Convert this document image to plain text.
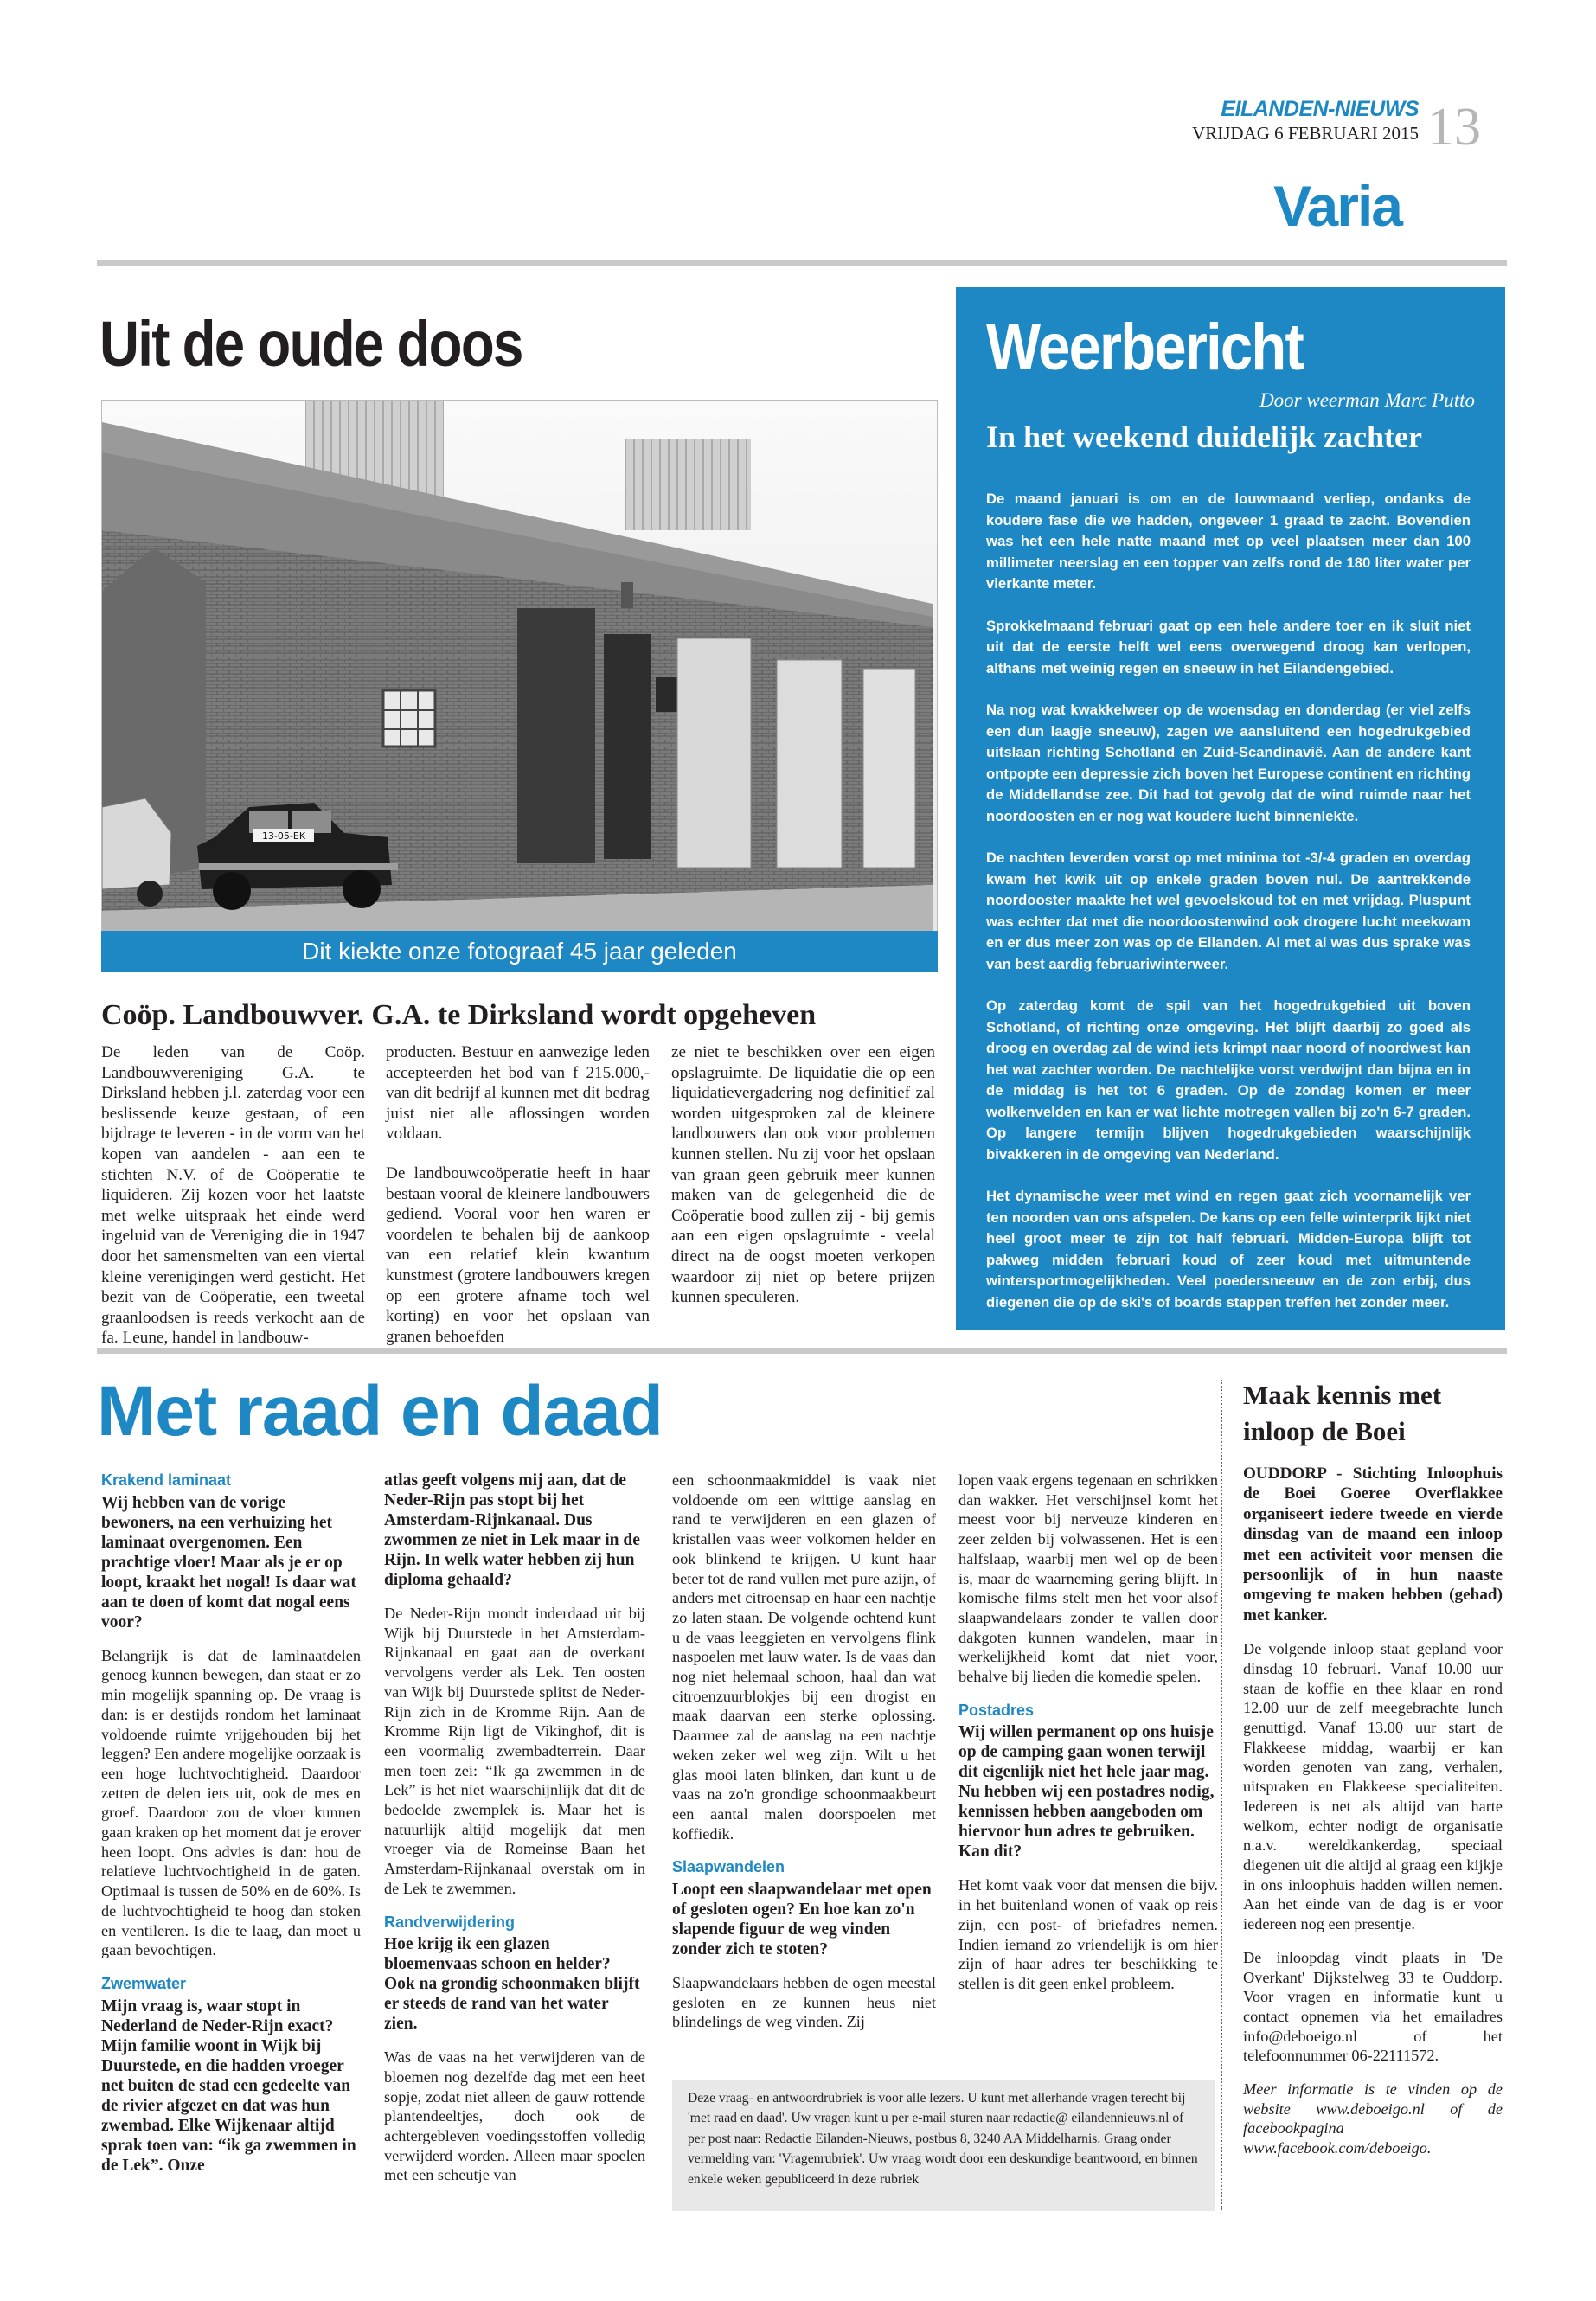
EILANDEN-NIEUWS
VRIJDAG 6 FEBRUARI 2015 13
Varia
Uit de oude doos
13-05-EK
Dit kiekte onze fotograaf 45 jaar geleden
Coöp. Landbouwver. G.A. te Dirksland wordt opgeheven

De leden van de Coöp. Landbouwvereniging G.A. te Dirksland hebben j.l. zaterdag voor een beslissende keuze gestaan, of een bijdrage te leveren - in de vorm van het kopen van aandelen - aan een te stichten N.V. of de Coöperatie te liquideren. Zij kozen voor het laatste met welke uitspraak het einde werd ingeluid van de Vereniging die in 1947 door het samensmelten van een viertal kleine verenigingen werd gesticht. Het bezit van de Coöperatie, een tweetal graanloodsen is reeds verkocht aan de fa. Leune, handel in landbouw-

producten. Bestuur en aanwezige leden accepteerden het bod van f 215.000,- van dit bedrijf al kunnen met dit bedrag juist niet alle aflossingen worden voldaan.

De landbouwcoöperatie heeft in haar bestaan vooral de kleinere landbouwers gediend. Vooral voor hen waren er voordelen te behalen bij de aankoop van een relatief klein kwantum kunstmest (grotere landbouwers kregen op een grotere afname toch wel korting) en voor het opslaan van granen behoefden

ze niet te beschikken over een eigen opslagruimte. De liquidatie die op een liquidatievergadering nog definitief zal worden uitgesproken zal de kleinere landbouwers dan ook voor problemen kunnen stellen. Nu zij voor het opslaan van graan geen gebruik meer kunnen maken van de gelegenheid die de Coöperatie bood zullen zij - bij gemis aan een eigen opslagruimte - veelal direct na de oogst moeten verkopen waardoor zij niet op betere prijzen kunnen speculeren.

Weerbericht
Door weerman Marc Putto
In het weekend duidelijk zachter

De maand januari is om en de louwmaand verliep, ondanks de koudere fase die we hadden, ongeveer 1 graad te zacht. Bovendien was het een hele natte maand met op veel plaatsen meer dan 100 millimeter neerslag en een topper van zelfs rond de 180 liter water per vierkante meter.

Sprokkelmaand februari gaat op een hele andere toer en ik sluit niet uit dat de eerste helft wel eens overwegend droog kan verlopen, althans met weinig regen en sneeuw in het Eilandengebied.

Na nog wat kwakkelweer op de woensdag en donderdag (er viel zelfs een dun laagje sneeuw), zagen we aansluitend een hogedrukgebied uitslaan richting Schotland en Zuid-Scandinavië. Aan de andere kant ontpopte een depressie zich boven het Europese continent en richting de Middellandse zee. Dit had tot gevolg dat de wind ruimde naar het noordoosten en er nog wat koudere lucht binnenlekte.

De nachten leverden vorst op met minima tot -3/-4 graden en overdag kwam het kwik uit op enkele graden boven nul. De aantrekkende noordooster maakte het wel gevoelskoud tot en met vrijdag. Pluspunt was echter dat met die noordoostenwind ook drogere lucht meekwam en er dus meer zon was op de Eilanden. Al met al was dus sprake was van best aardig februariwinterweer.

Op zaterdag komt de spil van het hogedrukgebied uit boven Schotland, of richting onze omgeving. Het blijft daarbij zo goed als droog en overdag zal de wind iets krimpt naar noord of noordwest kan het wat zachter worden. De nachtelijke vorst verdwijnt dan bijna en in de middag is het tot 6 graden. Op de zondag komen er meer wolkenvelden en kan er wat lichte motregen vallen bij zo'n 6-7 graden. Op langere termijn blijven hogedrukgebieden waarschijnlijk bivakkeren in de omgeving van Nederland.

Het dynamische weer met wind en regen gaat zich voornamelijk ver ten noorden van ons afspelen. De kans op een felle winterprik lijkt niet heel groot meer te zijn tot half februari. Midden-Europa blijft tot pakweg midden februari koud of zeer koud met uitmuntende wintersportmogelijkheden. Veel poedersneeuw en de zon erbij, dus diegenen die op de ski's of boards stappen treffen het zonder meer.

Met raad en daad

Krakend laminaat

Wij hebben van de vorige bewoners, na een verhuizing het laminaat overgenomen. Een prachtige vloer! Maar als je er op loopt, kraakt het nogal! Is daar wat aan te doen of komt dat nogal eens voor?

Belangrijk is dat de laminaatdelen genoeg kunnen bewegen, dan staat er zo min mogelijk spanning op. De vraag is dan: is er destijds rondom het laminaat voldoende ruimte vrijgehouden bij het leggen? Een andere mogelijke oorzaak is een hoge luchtvochtigheid. Daardoor zetten de delen iets uit, ook de mes en groef. Daardoor zou de vloer kunnen gaan kraken op het moment dat je erover heen loopt. Ons advies is dan: hou de relatieve luchtvochtigheid in de gaten. Optimaal is tussen de 50% en de 60%. Is de luchtvochtigheid te hoog dan stoken en ventileren. Is die te laag, dan moet u gaan bevochtigen.

Zwemwater

Mijn vraag is, waar stopt in Nederland de Neder-Rijn exact? Mijn familie woont in Wijk bij Duurstede, en die hadden vroeger net buiten de stad een gedeelte van de rivier afgezet en dat was hun zwembad. Elke Wijkenaar altijd sprak toen van: “ik ga zwemmen in de Lek”. Onze

atlas geeft volgens mij aan, dat de Neder-Rijn pas stopt bij het Amsterdam-Rijnkanaal. Dus zwommen ze niet in Lek maar in de Rijn. In welk water hebben zij hun diploma gehaald?

De Neder-Rijn mondt inderdaad uit bij Wijk bij Duurstede in het Amsterdam-Rijnkanaal en gaat aan de overkant vervolgens verder als Lek. Ten oosten van Wijk bij Duurstede splitst de Neder-Rijn zich in de Kromme Rijn. Aan de Kromme Rijn ligt de Vikinghof, dit is een voormalig zwembadterrein. Daar men toen zei: “Ik ga zwemmen in de Lek” is het niet waarschijnlijk dat dit de bedoelde zwemplek is. Maar het is natuurlijk altijd mogelijk dat men vroeger via de Romeinse Baan het Amsterdam-Rijnkanaal overstak om in de Lek te zwemmen.

Randverwijdering

Hoe krijg ik een glazen bloemenvaas schoon en helder? Ook na grondig schoonmaken blijft er steeds de rand van het water zien.

Was de vaas na het verwijderen van de bloemen nog dezelfde dag met een heet sopje, zodat niet alleen de gauw rottende plantendeeltjes, doch ook de achtergebleven voedingsstoffen volledig verwijderd worden. Alleen maar spoelen met een scheutje van

een schoonmaakmiddel is vaak niet voldoende om een wittige aanslag en rand te verwijderen en een glazen of kristallen vaas weer volkomen helder en ook blinkend te krijgen. U kunt haar beter tot de rand vullen met pure azijn, of anders met citroensap en haar een nachtje zo laten staan. De volgende ochtend kunt u de vaas leeggieten en vervolgens flink naspoelen met lauw water. Is de vaas dan nog niet helemaal schoon, haal dan wat citroenzuurblokjes bij een drogist en maak daarvan een sterke oplossing. Daarmee zal de aanslag na een nachtje weken zeker wel weg zijn. Wilt u het glas mooi laten blinken, dan kunt u de vaas na zo'n grondige schoonmaakbeurt een aantal malen doorspoelen met koffiedik.

Slaapwandelen

Loopt een slaapwandelaar met open of gesloten ogen? En hoe kan zo'n slapende figuur de weg vinden zonder zich te stoten?

Slaapwandelaars hebben de ogen meestal gesloten en ze kunnen heus niet blindelings de weg vinden. Zij

lopen vaak ergens tegenaan en schrikken dan wakker. Het verschijnsel komt het meest voor bij nerveuze kinderen en zeer zelden bij volwassenen. Het is een halfslaap, waarbij men wel op de been is, maar de waarneming gering blijft. In komische films stelt men het voor alsof slaapwandelaars zonder te vallen door dakgoten kunnen wandelen, maar in werkelijkheid komt dat niet voor, behalve bij lieden die komedie spelen.

Postadres

Wij willen permanent op ons huisje op de camping gaan wonen terwijl dit eigenlijk niet het hele jaar mag. Nu hebben wij een postadres nodig, kennissen hebben aangeboden om hiervoor hun adres te gebruiken. Kan dit?

Het komt vaak voor dat mensen die bijv. in het buitenland wonen of vaak op reis zijn, een post- of briefadres nemen. Indien iemand zo vriendelijk is om hier zijn of haar adres ter beschikking te stellen is dit geen enkel probleem.

Deze vraag- en antwoordrubriek is voor alle lezers. U kunt met allerhande vragen terecht bij 'met raad en daad'. Uw vragen kunt u per e-mail sturen naar redactie@ eilandennieuws.nl of per post naar: Redactie Eilanden-Nieuws, postbus 8, 3240 AA Middelharnis. Graag onder vermelding van: 'Vragenrubriek'. Uw vraag wordt door een deskundige beantwoord, en binnen enkele weken gepubliceerd in deze rubriek
Maak kennis met inloop de Boei

OUDDORP - Stichting Inloophuis de Boei Goeree Overflakkee organiseert iedere tweede en vierde dinsdag van de maand een inloop met een activiteit voor mensen die persoonlijk of in hun naaste omgeving te maken hebben (gehad) met kanker.

De volgende inloop staat gepland voor dinsdag 10 februari. Vanaf 10.00 uur staan de koffie en thee klaar en rond 12.00 uur de zelf meegebrachte lunch genuttigd. Vanaf 13.00 uur start de Flakkeese middag, waarbij er kan worden genoten van zang, verhalen, uitspraken en Flakkeese specialiteiten. Iedereen is net als altijd van harte welkom, echter nodigt de organisatie n.a.v. wereldkankerdag, speciaal diegenen uit die altijd al graag een kijkje in ons inloophuis hadden willen nemen. Aan het einde van de dag is er voor iedereen nog een presentje.

De inloopdag vindt plaats in 'De Overkant' Dijkstelweg 33 te Ouddorp. Voor vragen en informatie kunt u contact opnemen via het emailadres info@deboeigo.nl of het telefoonnummer 06-22111572.

Meer informatie is te vinden op de website www.deboeigo.nl of de facebookpagina www.facebook.com/deboeigo.
